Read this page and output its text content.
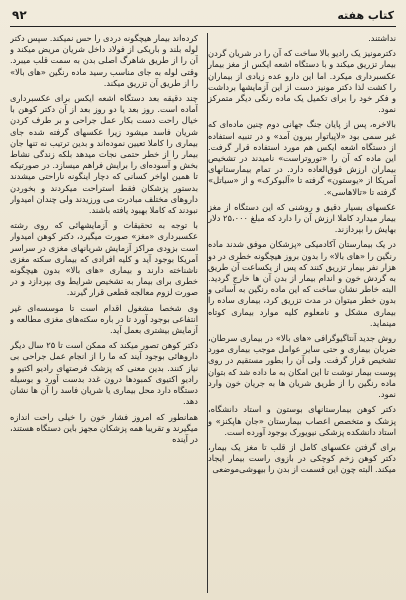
کتاب هفته
۹۲

نداشتند.

دکترمونیز یک رادیو بالا ساخت که آن را در شریان گردن بیمار تزریق میکند و با دستگاه اشعه ایکس از مغز بیمار عکسبرداری میکرد. اما این دارو عده زیادی از بیماران را کشت لذا دکتر مونیز دست از این آزمایشها برداشت و فکر خود را برای تکمیل یک ماده رنگی دیگر متمرکز نمود.

بالاخره، پس از پایان جنگ جهانی دوم چنین ماده‌ای که غیر سمی بود «لاپیاتوار بیرون آمد» و در تنبیه استفاده از دستگاه اشعه ایکس هم مورد استفاده قرار گرفت. این ماده که آن را «توروتراست» نامیدند در تشخیص بیماران ارزش فوق‌العاده دارد. در تمام بیمارستانهای آمریکا از «یوستون» گرفته تا «آلبوکرک» و از «سیاتل» گرفته تا «تالاهاسی».

عکسهای بسیار دقیق و روشنی که این دستگاه از مغز بیمار میدارد کاملا ارزش آن را دارد که مبلغ ۲۵،۰۰۰ دلار بهایش را بپردازند.

در یک بیمارستان آکادمیکی «پزشکان موفق شدند ماده رنگین را «های بالا» را بدون بروز هیچگونه خطری در دو هزار نفر بیمار تزریق کنند که پس از یکساعت آن طریق به گردش خون و اندام بیمار از بدن آن ها خارج گردید. البته خاطر نشان ساخت که این ماده رنگین به آسانی و بدون خطر میتوان در مدت تزریق کرد، بیماری ساده را بیماری مشکل و نامعلوم کلیه موارد بیماری کوتاه مینماید.

روش جدید آنتاگیوگرافی «های بالا» در بیماری سرطان، ضربان بیماری و حتی سایر عوامل موجب بیماری مورد تشخیص قرار گرفت. ولی آن را بطور مستقیم در روی پوست بیمار نوشت تا این امکان به ما داده شد که بتوان ماده رنگین را از طریق شریان ها به جریان خون وارد نمود.

دکتر کوهن بیمارستانهای بوستون و استاد دانشگاه، پزشک و متخصص اعصاب بیمارستان «جان هاپکنز» و استاد دانشکده پزشکی نیویورک بوجود آورده است.

برای گرفتن عکسهای کامل از قلب تا مغز یک بیمار، دکتر کوهن زخم کوچکی در بازوی راست بیمار ایجاد میکند. البته چون این قسمت از بدن را بیهوشی‌موضعی

کرده‌اند بیمار هیچگونه دردی را حس نمیکند. سپس دکتر لوله بلند و باریکی از فولاد داخل شریان مریض میکند و آن را از طریق شاهرگ اصلی بدن به سمت قلب میبرد. وقتی لوله به جای مناسب رسید ماده رنگین «های بالا» را از طریق آن تزریق میکند.

چند دقیقه بعد دستگاه اشعه ایکس برای عکسبرداری آماده است. روز بعد یا دو روز بعد از آن دکتر کوهن با خیال راحت دست بکار عمل جراحی و بر طرف کردن شریان فاسد میشود زیرا عکسهای گرفته شده جای بیماری را کاملا تعیین نموده‌اند و بدین ترتیب نه تنها جان بیمار را از خطر حتمی نجات میدهد بلکه زندگی نشاط بخش و آسوده‌ای را برایش فراهم میسازد. در صورتیکه تا همین اواخر کسانی که دچار اینگونه ناراحتی میشدند بدستور پزشکان فقط استراحت میکردند و بخوردن داروهای مختلف مبادرت می ورزیدند ولی چندان امیدوار نبودند که کاملا بهبود یافته باشند.

با توجه به تحقیقات و آزمایشهائی که روی رشته عکسبرداری «مغز» صورت میگیرد، دکتر کوهن امیدوار است بزودی مراکز آزمایش شریانهای مغزی در سراسر آمریکا بوجود آید و کلیه افرادی که بیماری سکته مغزی ناشناخته دارند و بیماری «های بالا» بدون هیچگونه خطری برای بیمار به تشخیص شرایط وی بپردازد و در صورت لزوم معالجه قطعی قرار گیرند.

وی شخصا مشغول اقدام است تا موسسه‌ای غیر انتفاعی بوجود آورد تا در باره سکته‌های مغزی مطالعه و آزمایش بیشتری بعمل آید.

دکتر کوهن تصور میکند که ممکن است تا ۲۵ سال دیگر داروهائی بوجود آیند که ما را از انجام عمل جراحی بی نیاز کنند. بدین معنی که پزشک فرصتهای رادیو اکتیو و رادیو اکتیوی کمبودها درون غدد بدست آورد و بوسیله دستگاه دارد محل بیماری یا شریان فاسد را آن ها نشان دهد.

همانطور که امروز فشار خون را خیلی راحت اندازه میگیرند و تقریبا همه پزشکان مجهز باین دستگاه هستند، در آینده
